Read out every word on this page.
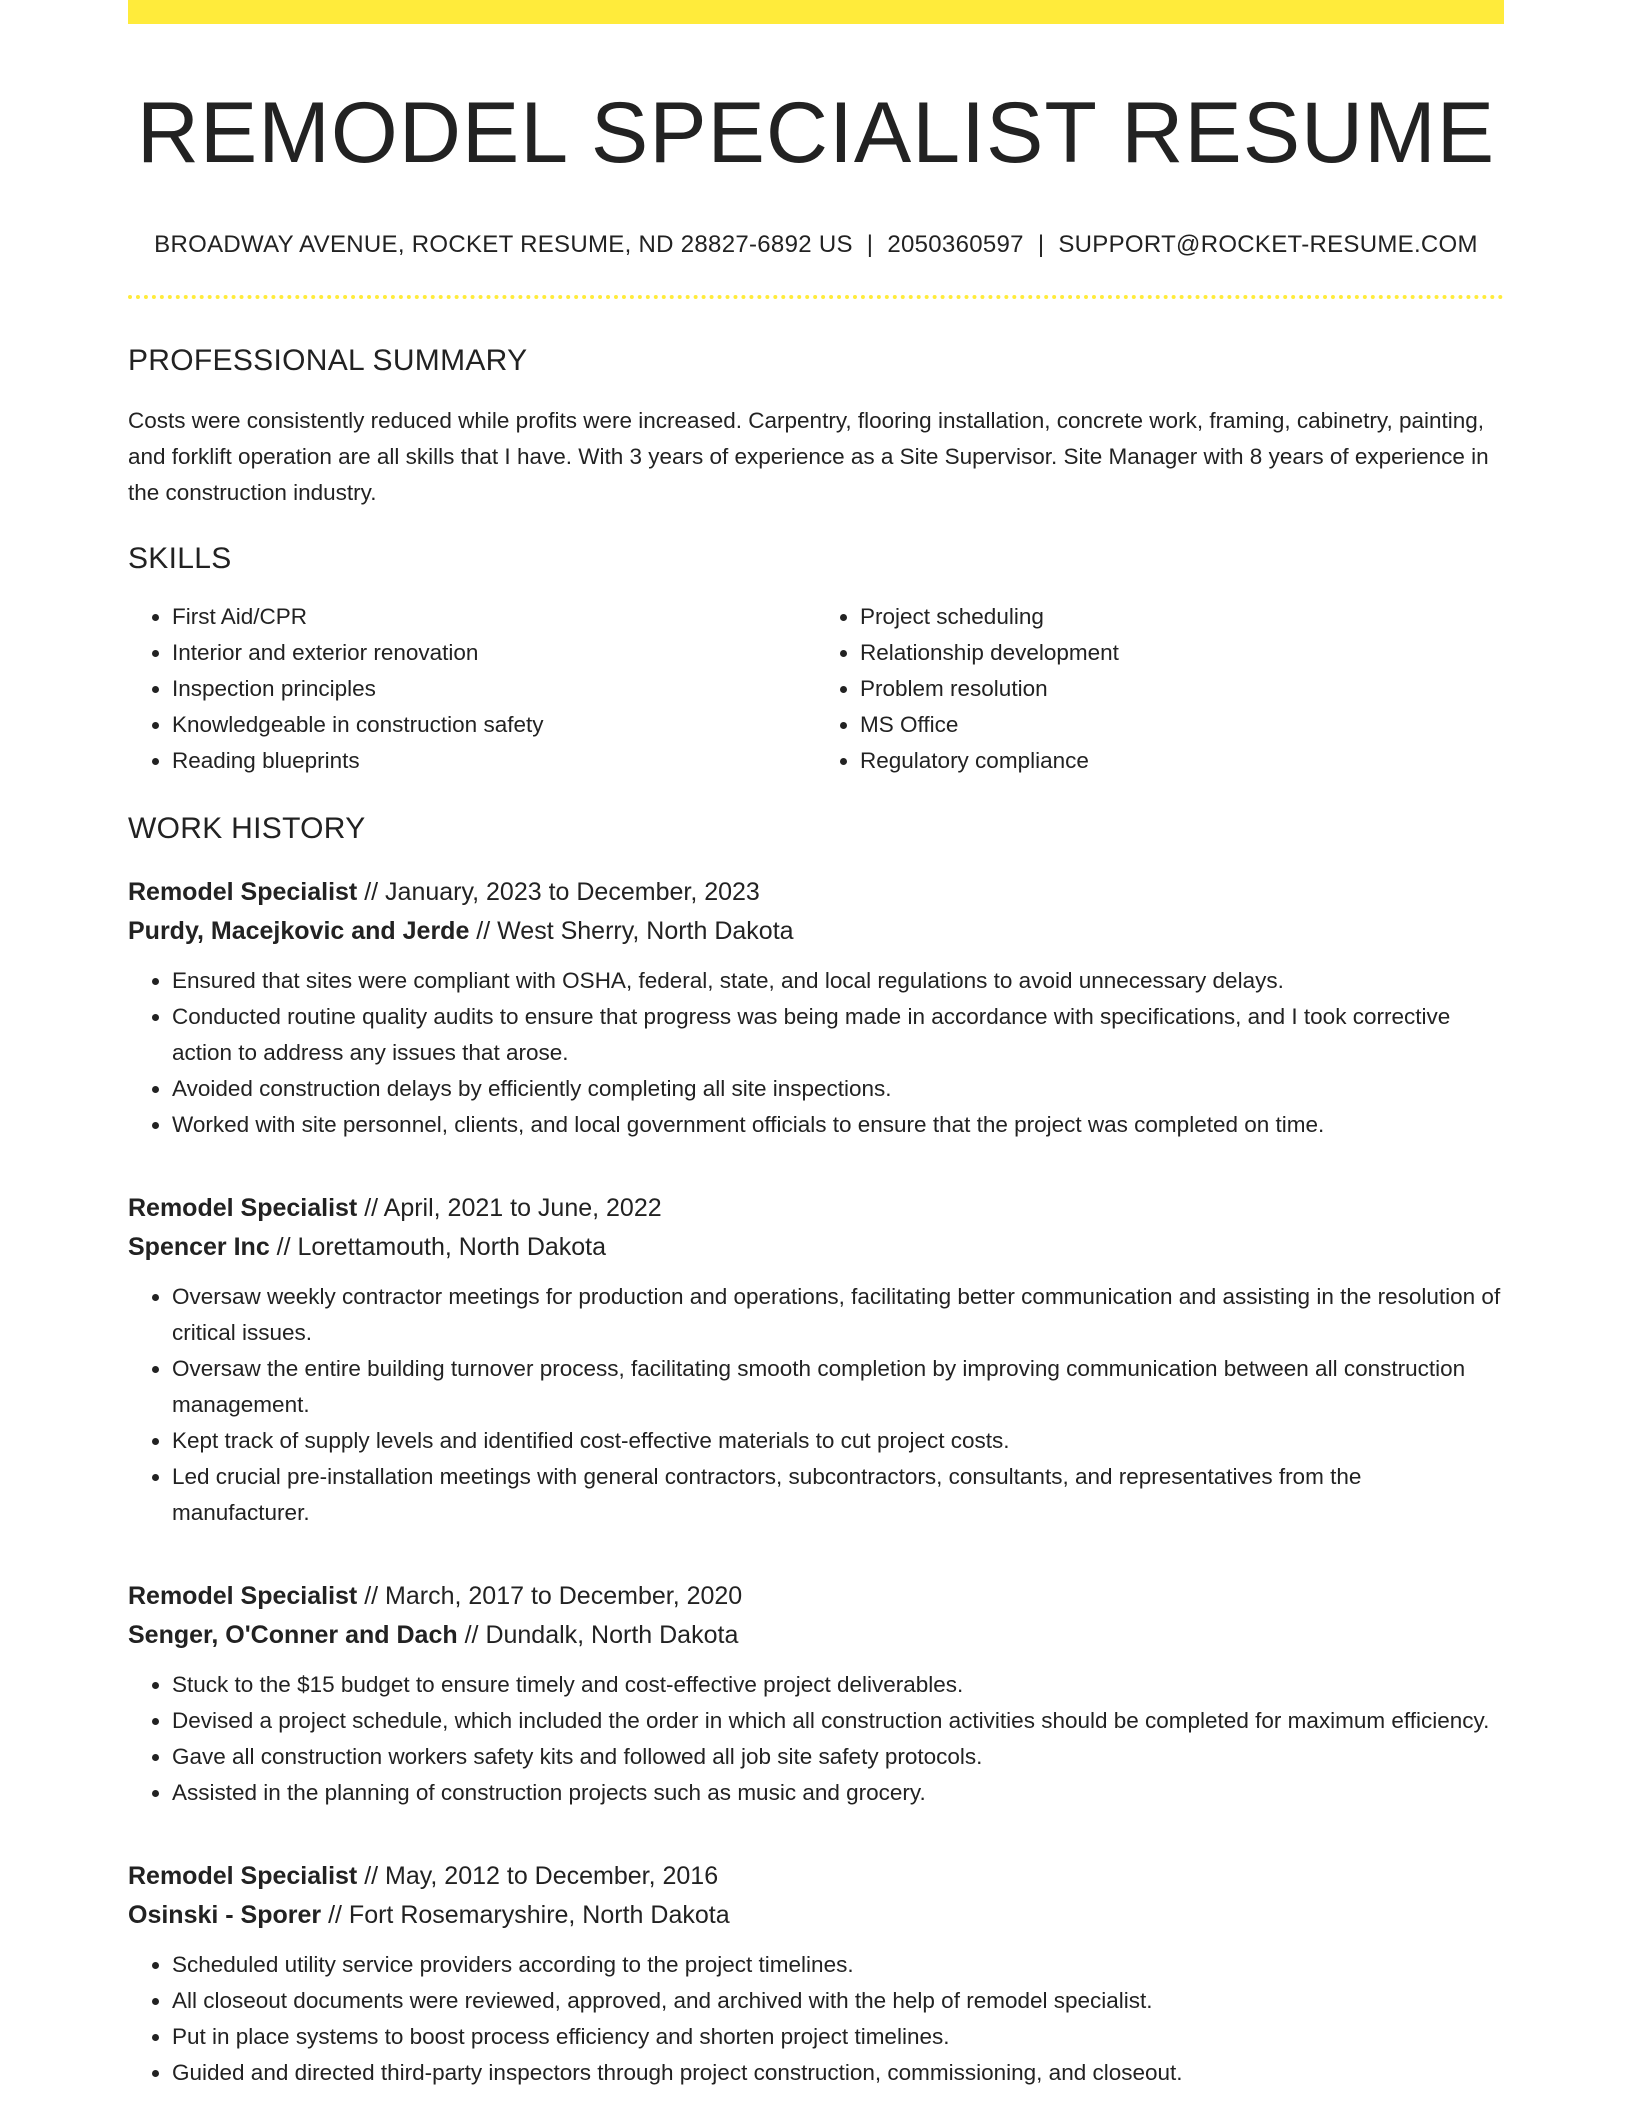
REMODEL SPECIALIST RESUME
BROADWAY AVENUE, ROCKET RESUME, ND 28827-6892 US | 2050360597 | SUPPORT@ROCKET-RESUME.COM
PROFESSIONAL SUMMARY
Costs were consistently reduced while profits were increased. Carpentry, flooring installation, concrete work, framing, cabinetry, painting, and forklift operation are all skills that I have. With 3 years of experience as a Site Supervisor. Site Manager with 8 years of experience in the construction industry.
SKILLS
• First Aid/CPR
• Interior and exterior renovation
• Inspection principles
• Knowledgeable in construction safety
• Reading blueprints
• Project scheduling
• Relationship development
• Problem resolution
• MS Office
• Regulatory compliance
WORK HISTORY
Remodel Specialist // January, 2023 to December, 2023
Purdy, Macejkovic and Jerde // West Sherry, North Dakota
• Ensured that sites were compliant with OSHA, federal, state, and local regulations to avoid unnecessary delays.
• Conducted routine quality audits to ensure that progress was being made in accordance with specifications, and I took corrective action to address any issues that arose.
• Avoided construction delays by efficiently completing all site inspections.
• Worked with site personnel, clients, and local government officials to ensure that the project was completed on time.
Remodel Specialist // April, 2021 to June, 2022
Spencer Inc // Lorettamouth, North Dakota
• Oversaw weekly contractor meetings for production and operations, facilitating better communication and assisting in the resolution of critical issues.
• Oversaw the entire building turnover process, facilitating smooth completion by improving communication between all construction management.
• Kept track of supply levels and identified cost-effective materials to cut project costs.
• Led crucial pre-installation meetings with general contractors, subcontractors, consultants, and representatives from the manufacturer.
Remodel Specialist // March, 2017 to December, 2020
Senger, O'Conner and Dach // Dundalk, North Dakota
• Stuck to the $15 budget to ensure timely and cost-effective project deliverables.
• Devised a project schedule, which included the order in which all construction activities should be completed for maximum efficiency.
• Gave all construction workers safety kits and followed all job site safety protocols.
• Assisted in the planning of construction projects such as music and grocery.
Remodel Specialist // May, 2012 to December, 2016
Osinski - Sporer // Fort Rosemaryshire, North Dakota
• Scheduled utility service providers according to the project timelines.
• All closeout documents were reviewed, approved, and archived with the help of remodel specialist.
• Put in place systems to boost process efficiency and shorten project timelines.
• Guided and directed third-party inspectors through project construction, commissioning, and closeout.
